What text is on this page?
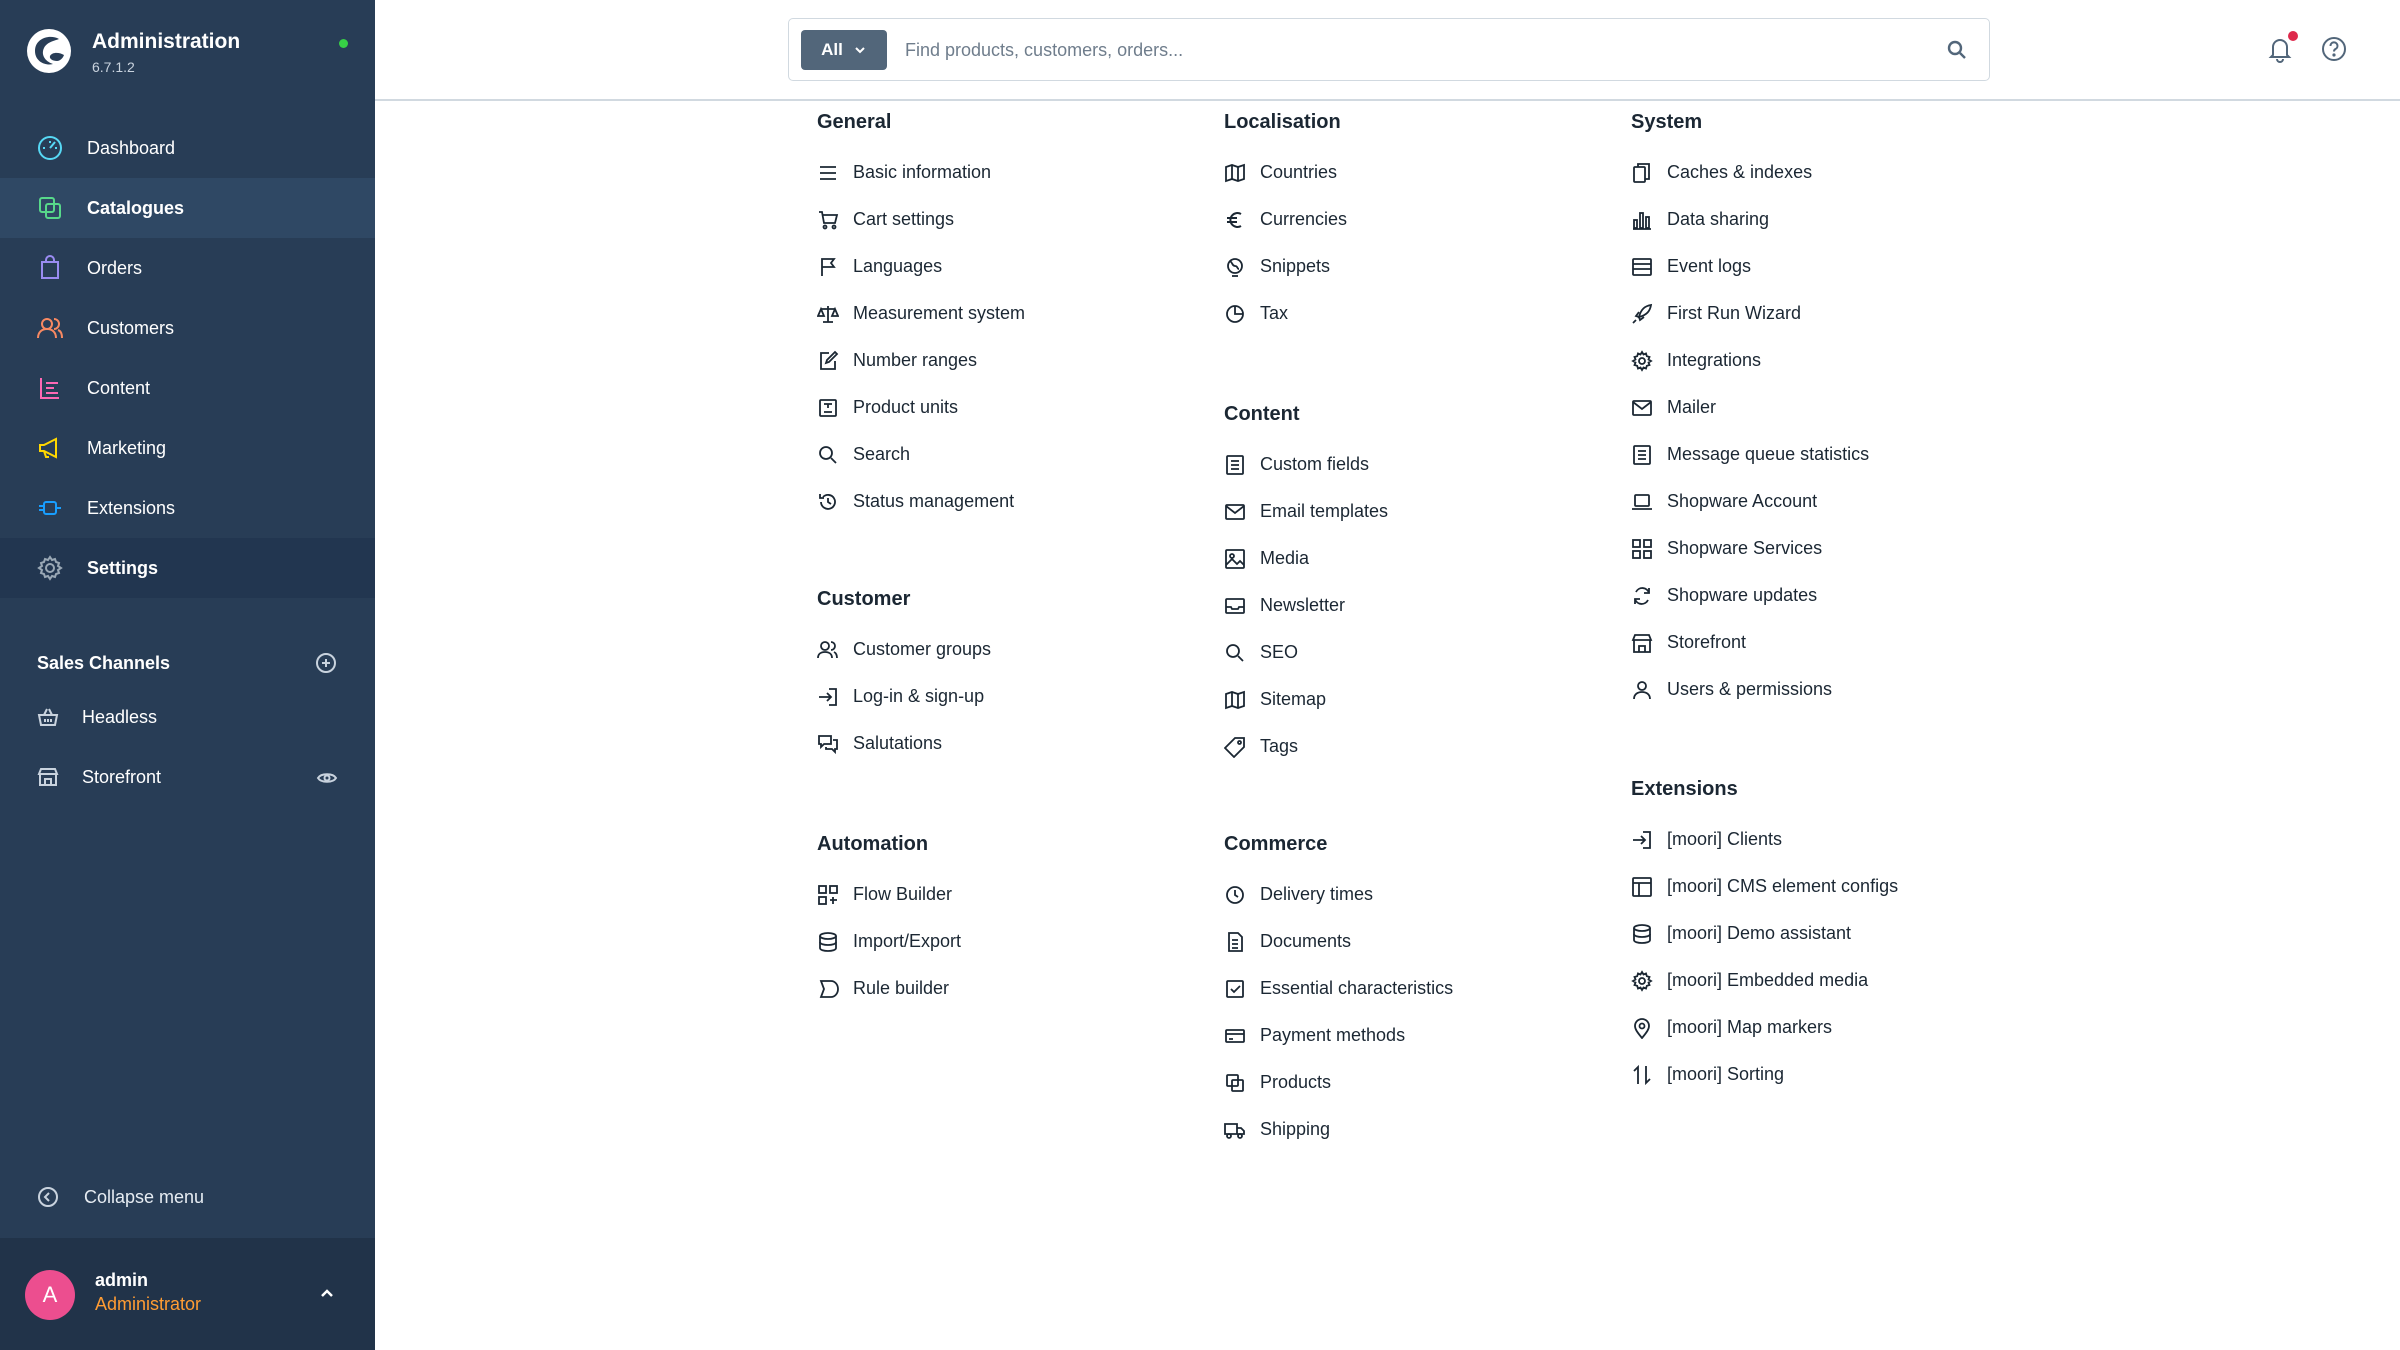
Administration
6.7.1.2
Dashboard
Catalogues
Orders
Customers
Content
Marketing
Extensions
Settings
Sales Channels
Headless
Storefront
Collapse menu
A
admin
Administrator
All
Find products, customers, orders...
General
Basic information
Cart settings
Languages
Measurement system
Number ranges
Product units
Search
Status management
Customer
Customer groups
Log-in & sign-up
Salutations
Automation
Flow Builder
Import/Export
Rule builder
Localisation
Countries
Currencies
Snippets
Tax
Content
Custom fields
Email templates
Media
Newsletter
SEO
Sitemap
Tags
Commerce
Delivery times
Documents
Essential characteristics
Payment methods
Products
Shipping
System
Caches & indexes
Data sharing
Event logs
First Run Wizard
Integrations
Mailer
Message queue statistics
Shopware Account
Shopware Services
Shopware updates
Storefront
Users & permissions
Extensions
[moori] Clients
[moori] CMS element configs
[moori] Demo assistant
[moori] Embedded media
[moori] Map markers
[moori] Sorting
